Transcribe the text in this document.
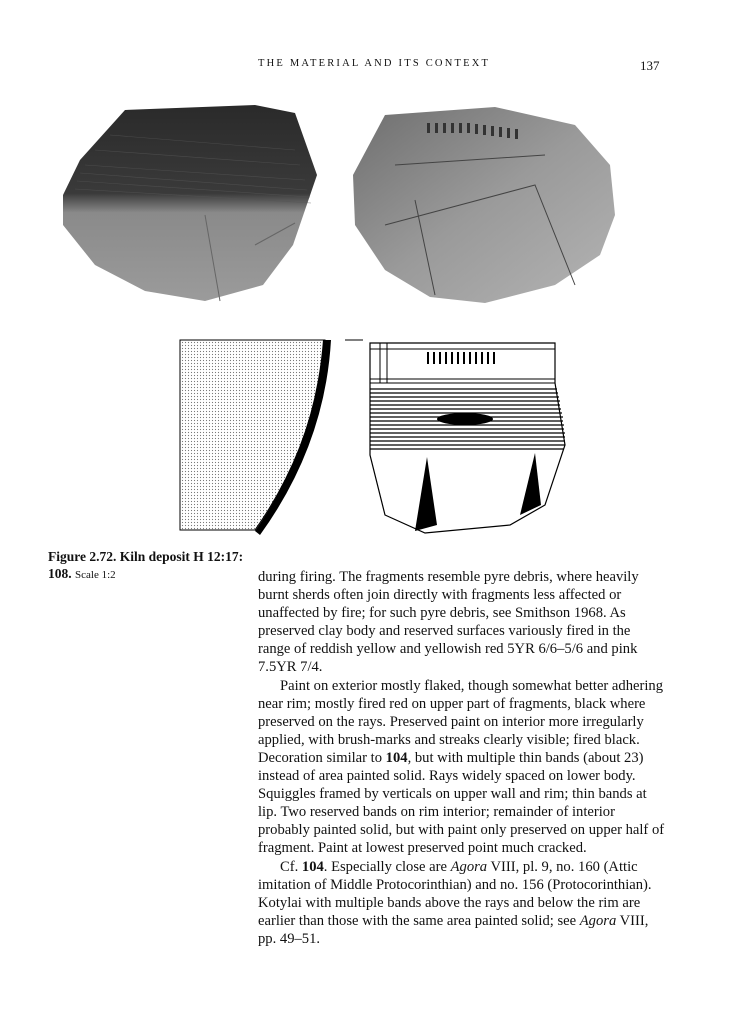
THE MATERIAL AND ITS CONTEXT	137
Figure 2.72. Kiln deposit H 12:17: 108. Scale 1:2	during firing. The fragments resemble pyre debris, where heavily burnt sherds often join directly with fragments less affected or unaffected by fire; for such pyre debris, see Smithson 1968. As preserved clay body and reserved surfaces variously fired in the range of reddish yellow and yellowish red 5YR 6/6–5/6 and pink 7.5YR 7/4.

Paint on exterior mostly flaked, though somewhat better adhering near rim; mostly fired red on upper part of fragments, black where preserved on the rays. Preserved paint on interior more irregularly applied, with brush-marks and streaks clearly visible; fired black. Decoration similar to 104, but with multiple thin bands (about 23) instead of area painted solid. Rays widely spaced on lower body. Squiggles framed by verticals on upper wall and rim; thin bands at lip. Two reserved bands on rim interior; remainder of interior probably painted solid, but with paint only preserved on upper half of fragment. Paint at lowest preserved point much cracked.

Cf. 104. Especially close are Agora VIII, pl. 9, no. 160 (Attic imitation of Middle Protocorinthian) and no. 156 (Protocorinthian). Kotylai with multiple bands above the rays and below the rim are earlier than those with the same area painted solid; see Agora VIII, pp. 49–51.
